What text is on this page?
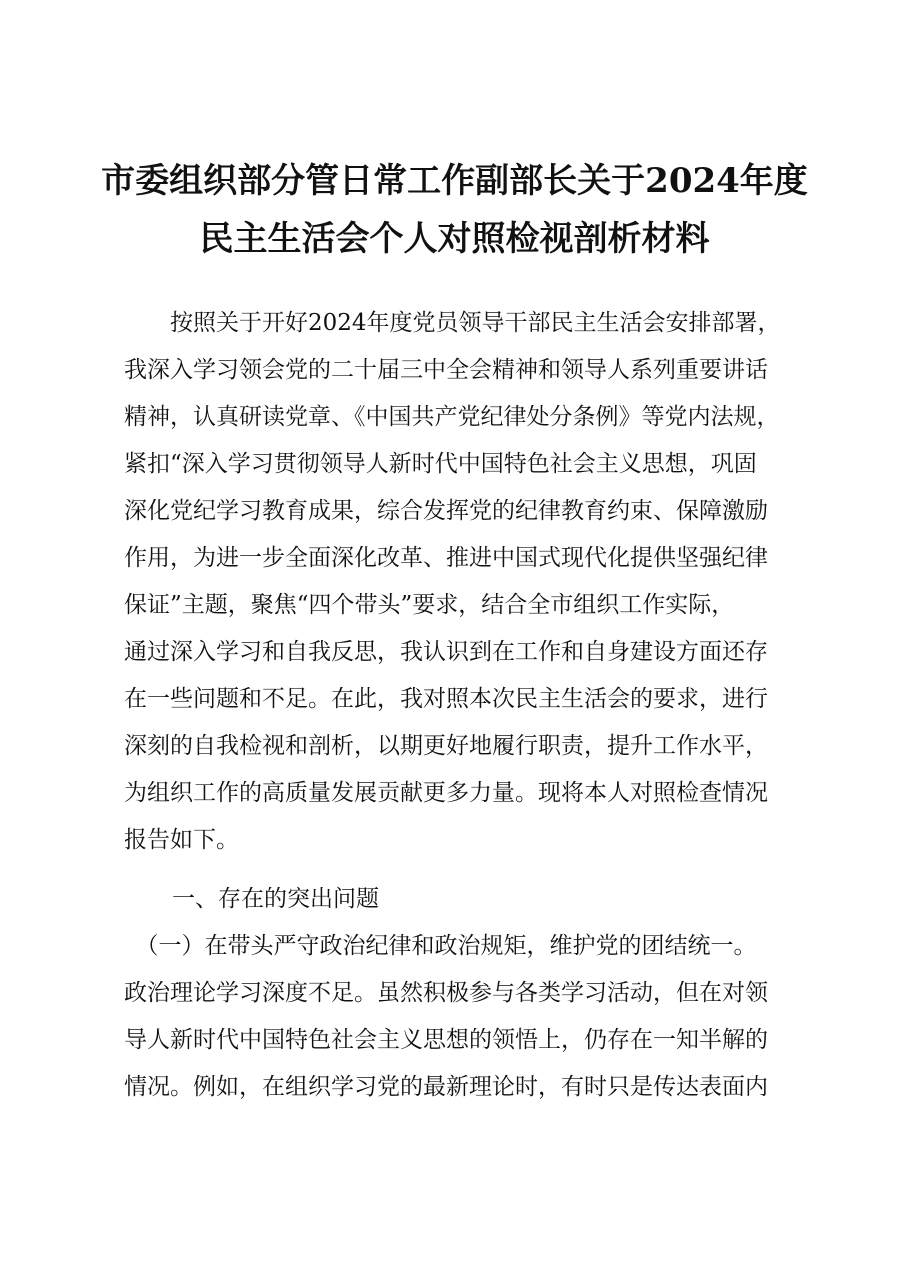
市委组织部分管日常工作副部长关于2024年度
民主生活会个人对照检视剖析材料
　　按照关于开好2024年度党员领导干部民主生活会安排部署，
我深入学习领会党的二十届三中全会精神和领导人系列重要讲话
精神，认真研读党章、《中国共产党纪律处分条例》等党内法规，
紧扣“深入学习贯彻领导人新时代中国特色社会主义思想，巩固
深化党纪学习教育成果，综合发挥党的纪律教育约束、保障激励
作用，为进一步全面深化改革、推进中国式现代化提供坚强纪律
保证”主题，聚焦“四个带头”要求，结合全市组织工作实际，
通过深入学习和自我反思，我认识到在工作和自身建设方面还存
在一些问题和不足。在此，我对照本次民主生活会的要求，进行
深刻的自我检视和剖析，以期更好地履行职责，提升工作水平，
为组织工作的高质量发展贡献更多力量。现将本人对照检查情况
报告如下。
一、存在的突出问题
　（一）在带头严守政治纪律和政治规矩，维护党的团结统一。
政治理论学习深度不足。虽然积极参与各类学习活动，但在对领
导人新时代中国特色社会主义思想的领悟上，仍存在一知半解的
情况。例如，在组织学习党的最新理论时，有时只是传达表面内
